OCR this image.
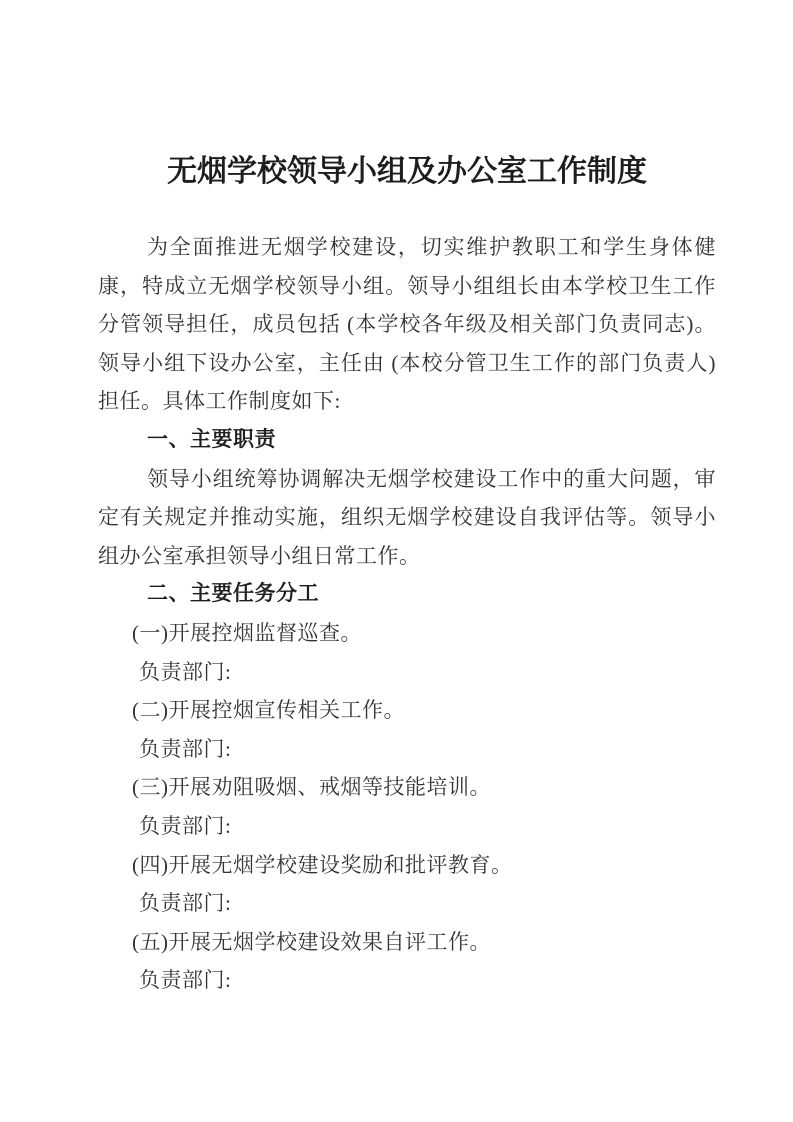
无烟学校领导小组及办公室工作制度

为全面推进无烟学校建设，切实维护教职工和学生身体健康，特成立无烟学校领导小组。领导小组组长由本学校卫生工作分管领导担任，成员包括 (本学校各年级及相关部门负责同志)。领导小组下设办公室，主任由 (本校分管卫生工作的部门负责人)担任。具体工作制度如下:

一、主要职责

领导小组统筹协调解决无烟学校建设工作中的重大问题，审定有关规定并推动实施，组织无烟学校建设自我评估等。领导小组办公室承担领导小组日常工作。

二、主要任务分工

(一)开展控烟监督巡查。

负责部门:

(二)开展控烟宣传相关工作。

负责部门:

(三)开展劝阻吸烟、戒烟等技能培训。

负责部门:

(四)开展无烟学校建设奖励和批评教育。

负责部门:

(五)开展无烟学校建设效果自评工作。

负责部门:
